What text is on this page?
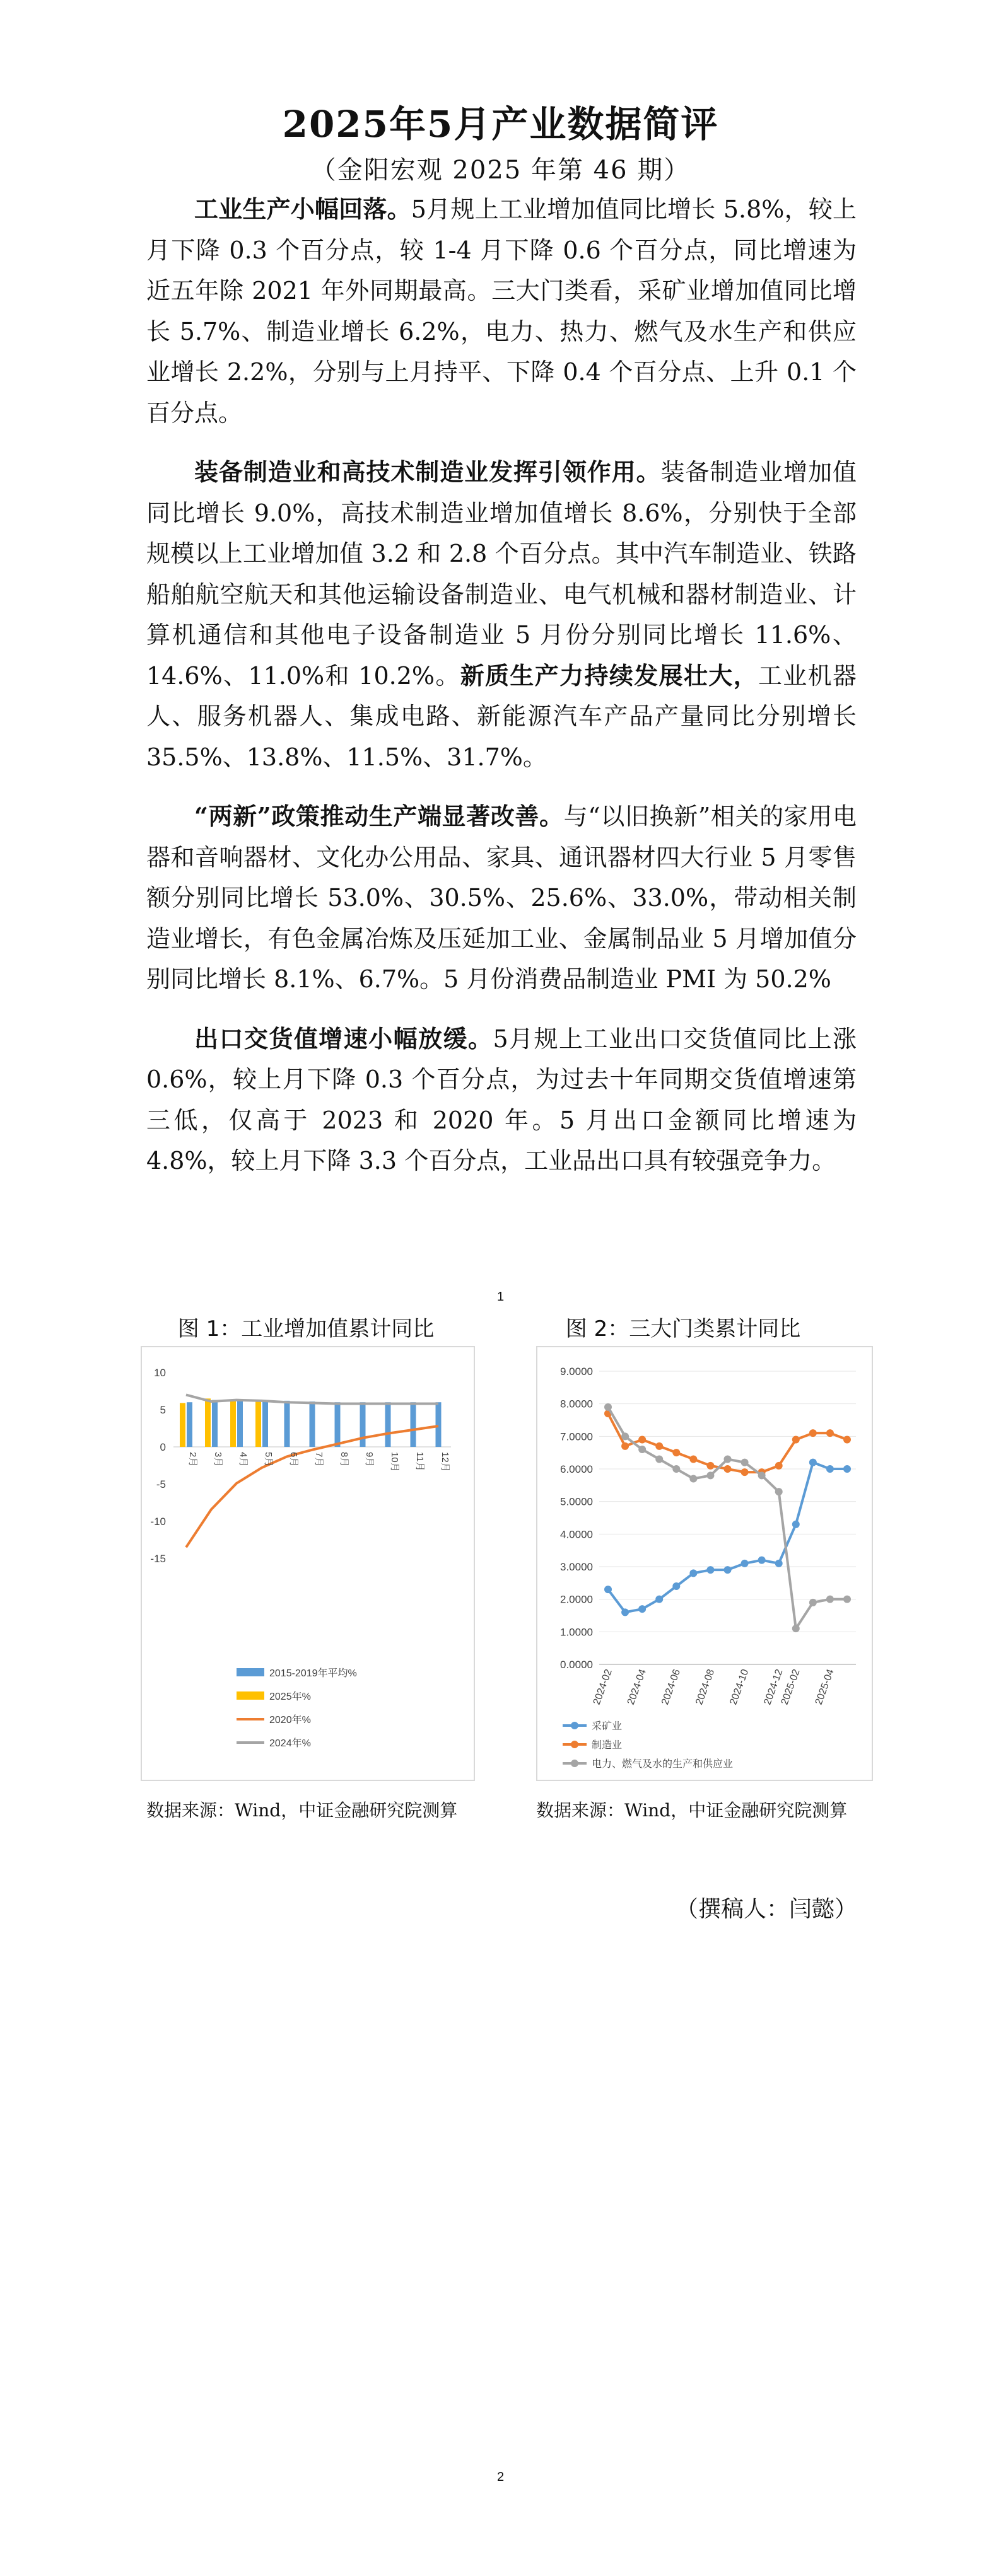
2025年5月产业数据简评
（金阳宏观 2025 年第 46 期）

工业生产小幅回落。5月规上工业增加值同比增长 5.8%，较上月下降 0.3 个百分点，较 1-4 月下降 0.6 个百分点，同比增速为近五年除 2021 年外同期最高。三大门类看，采矿业增加值同比增长 5.7%、制造业增长 6.2%，电力、热力、燃气及水生产和供应业增长 2.2%，分别与上月持平、下降 0.4 个百分点、上升 0.1 个百分点。

装备制造业和高技术制造业发挥引领作用。装备制造业增加值同比增长 9.0%，高技术制造业增加值增长 8.6%，分别快于全部规模以上工业增加值 3.2 和 2.8 个百分点。其中汽车制造业、铁路船舶航空航天和其他运输设备制造业、电气机械和器材制造业、计算机通信和其他电子设备制造业 5 月份分别同比增长 11.6%、14.6%、11.0%和 10.2%。新质生产力持续发展壮大，工业机器人、服务机器人、集成电路、新能源汽车产品产量同比分别增长 35.5%、13.8%、11.5%、31.7%。

“两新”政策推动生产端显著改善。与“以旧换新”相关的家用电器和音响器材、文化办公用品、家具、通讯器材四大行业 5 月零售额分别同比增长 53.0%、30.5%、25.6%、33.0%，带动相关制造业增长，有色金属冶炼及压延加工业、金属制品业 5 月增加值分别同比增长 8.1%、6.7%。5 月份消费品制造业 PMI 为 50.2%

出口交货值增速小幅放缓。5月规上工业出口交货值同比上涨 0.6%，较上月下降 0.3 个百分点，为过去十年同期交货值增速第三低，仅高于 2023 和 2020 年。5 月出口金额同比增速为 4.8%，较上月下降 3.3 个百分点，工业品出口具有较强竞争力。

1
图 1：工业增加值累计同比
10
5
0
-5
-10
-15
2月 3月 4月 5月 6月 7月 8月 9月 10月 11月 12月
2015-2019年平均%
2025年%
2020年%
2024年%
数据来源：Wind，中证金融研究院测算
图 2：三大门类累计同比
9.0000
8.0000
7.0000
6.0000
5.0000
4.0000
3.0000
2.0000
1.0000
0.0000
2024-02 2024-04 2024-06 2024-08 2024-10 2024-12
2025-02 2025-04
采矿业
制造业
电力、燃气及水的生产和供应业
数据来源：Wind，中证金融研究院测算
（撰稿人：闫懿）
2
